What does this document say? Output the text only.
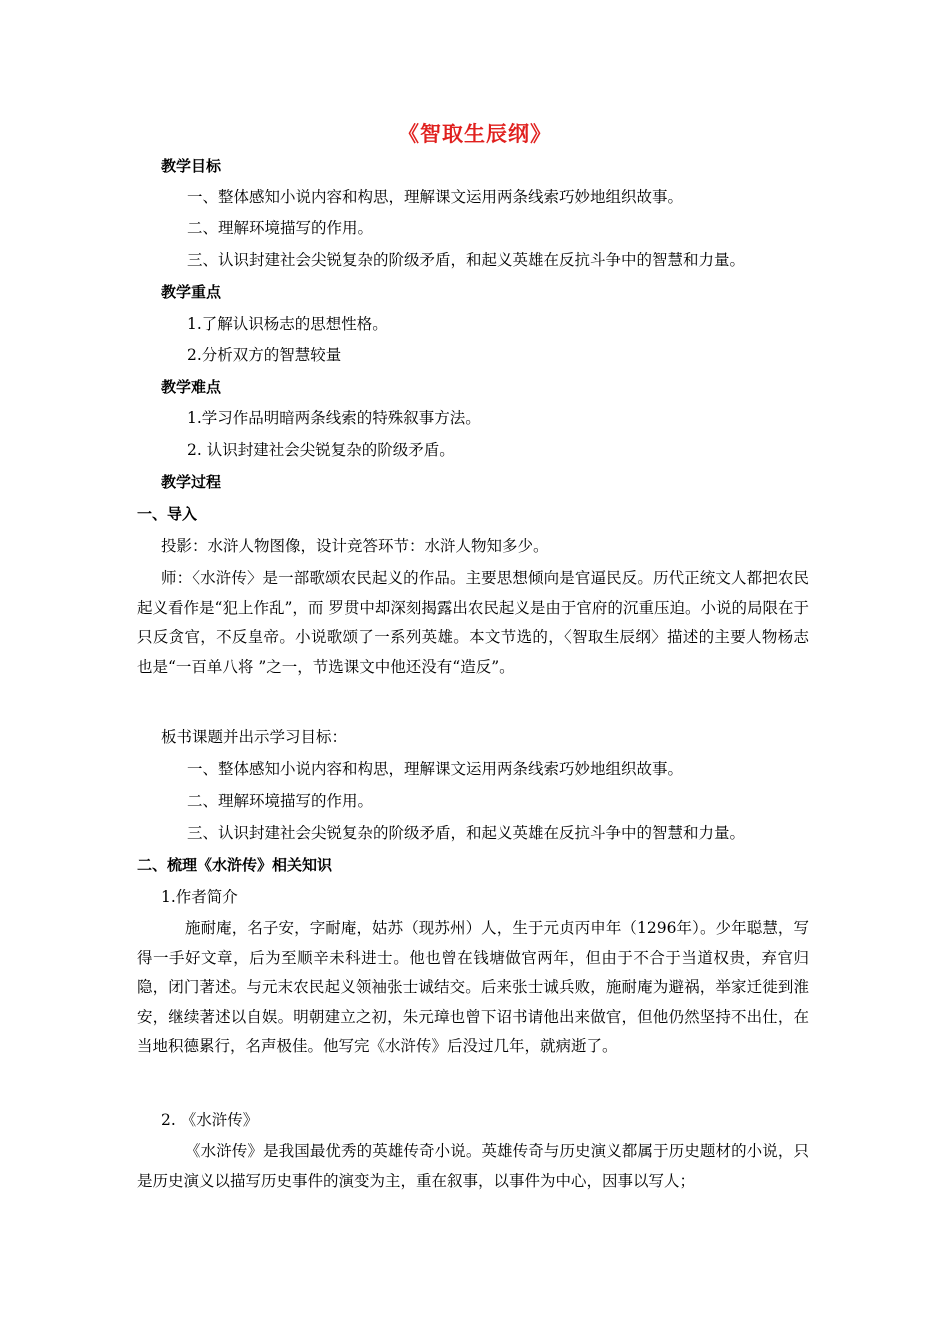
《智取生辰纲》
教学目标
一、整体感知小说内容和构思，理解课文运用两条线索巧妙地组织故事。
二、理解环境描写的作用。
三、认识封建社会尖锐复杂的阶级矛盾，和起义英雄在反抗斗争中的智慧和力量。
教学重点
1.了解认识杨志的思想性格。
2.分析双方的智慧较量
教学难点
1.学习作品明暗两条线索的特殊叙事方法。
2. 认识封建社会尖锐复杂的阶级矛盾。
教学过程
一、导入
投影：水浒人物图像，设计竞答环节：水浒人物知多少。
师：〈水浒传〉是一部歌颂农民起义的作品。主要思想倾向是官逼民反。历代正统文人都把农民起义看作是“犯上作乱”，而 罗贯中却深刻揭露出农民起义是由于官府的沉重压迫。小说的局限在于只反贪官，不反皇帝。小说歌颂了一系列英雄。本文节选的，〈智取生辰纲〉描述的主要人物杨志也是“一百单八将 ”之一，节选课文中他还没有“造反”。
板书课题并出示学习目标：
一、整体感知小说内容和构思，理解课文运用两条线索巧妙地组织故事。
二、理解环境描写的作用。
三、认识封建社会尖锐复杂的阶级矛盾，和起义英雄在反抗斗争中的智慧和力量。
二、梳理《水浒传》相关知识
1.作者简介
施耐庵，名子安，字耐庵，姑苏（现苏州）人，生于元贞丙申年（1296年）。少年聪慧，写得一手好文章，后为至顺辛未科进士。他也曾在钱塘做官两年，但由于不合于当道权贵，弃官归隐，闭门著述。与元末农民起义领袖张士诚结交。后来张士诚兵败，施耐庵为避祸，举家迁徙到淮安，继续著述以自娱。明朝建立之初，朱元璋也曾下诏书请他出来做官，但他仍然坚持不出仕，在当地积德累行，名声极佳。他写完《水浒传》后没过几年，就病逝了。
2. 《水浒传》
《水浒传》是我国最优秀的英雄传奇小说。英雄传奇与历史演义都属于历史题材的小说，只是历史演义以描写历史事件的演变为主，重在叙事，以事件为中心，因事以写人；
